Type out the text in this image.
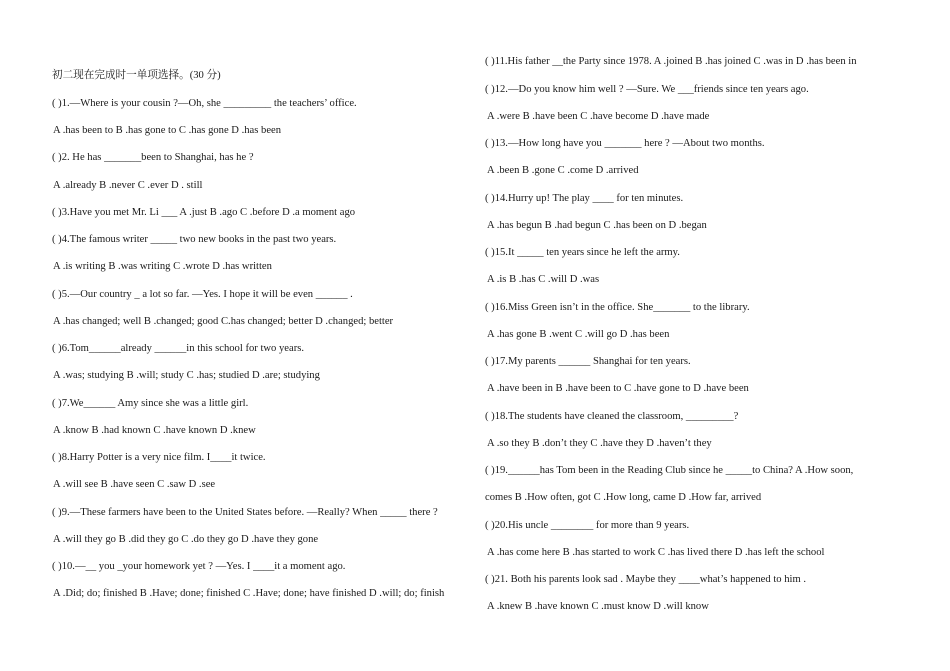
初二现在完成时一单项选择。(30 分)
( )1.—Where is your cousin ?—Oh, she _________ the teachers’ office.
A .has been to B .has gone to C .has gone D .has been
( )2. He has _______been to Shanghai, has he ?
A .already B .never C .ever D . still
( )3.Have you met Mr. Li ___ A .just B .ago C .before D .a moment ago
( )4.The famous writer _____ two new books in the past two years.
A .is writing B .was writing C .wrote D .has written
( )5.—Our country _ a lot so far. —Yes. I hope it will be even ______ .
A .has changed; well B .changed; good C.has changed; better D .changed; better
( )6.Tom______already ______in this school for two years.
A .was; studying B .will; study C .has; studied D .are; studying
( )7.We______ Amy since she was a little girl.
A .know B .had known C .have known D .knew
( )8.Harry Potter is a very nice film. I____it twice.
A .will see B .have seen C .saw D .see
( )9.—These farmers have been to the United States before. —Really? When _____ there ?
A .will they go B .did they go C .do they go D .have they gone
( )10.—__ you _your homework yet ? —Yes. I ____it a moment ago.
A .Did; do; finished B .Have; done; finished C .Have; done; have finished D .will; do; finish
( )11.His father __the Party since 1978. A .joined B .has joined C .was in D .has been in
( )12.—Do you know him well ? —Sure. We ___friends since ten years ago.
A .were B .have been C .have become D .have made
( )13.—How long have you _______ here ? —About two months.
A .been B .gone C .come D .arrived
( )14.Hurry up! The play ____ for ten minutes.
A .has begun B .had begun C .has been on D .began
( )15.It _____ ten years since he left the army.
A .is B .has C .will D .was
( )16.Miss Green isn’t in the office. She_______ to the library.
A .has gone B .went C .will go D .has been
( )17.My parents ______ Shanghai for ten years.
A .have been in B .have been to C .have gone to D .have been
( )18.The students have cleaned the classroom, _________?
A .so they B .don’t they C .have they D .haven’t they
( )19.______has Tom been in the Reading Club since he _____to China? A .How soon,
comes B .How often, got C .How long, came D .How far, arrived
( )20.His uncle ________ for more than 9 years.
A .has come here B .has started to work C .has lived there D .has left the school
( )21. Both his parents look sad . Maybe they ____what’s happened to him .
A .knew B .have known C .must know D .will know
